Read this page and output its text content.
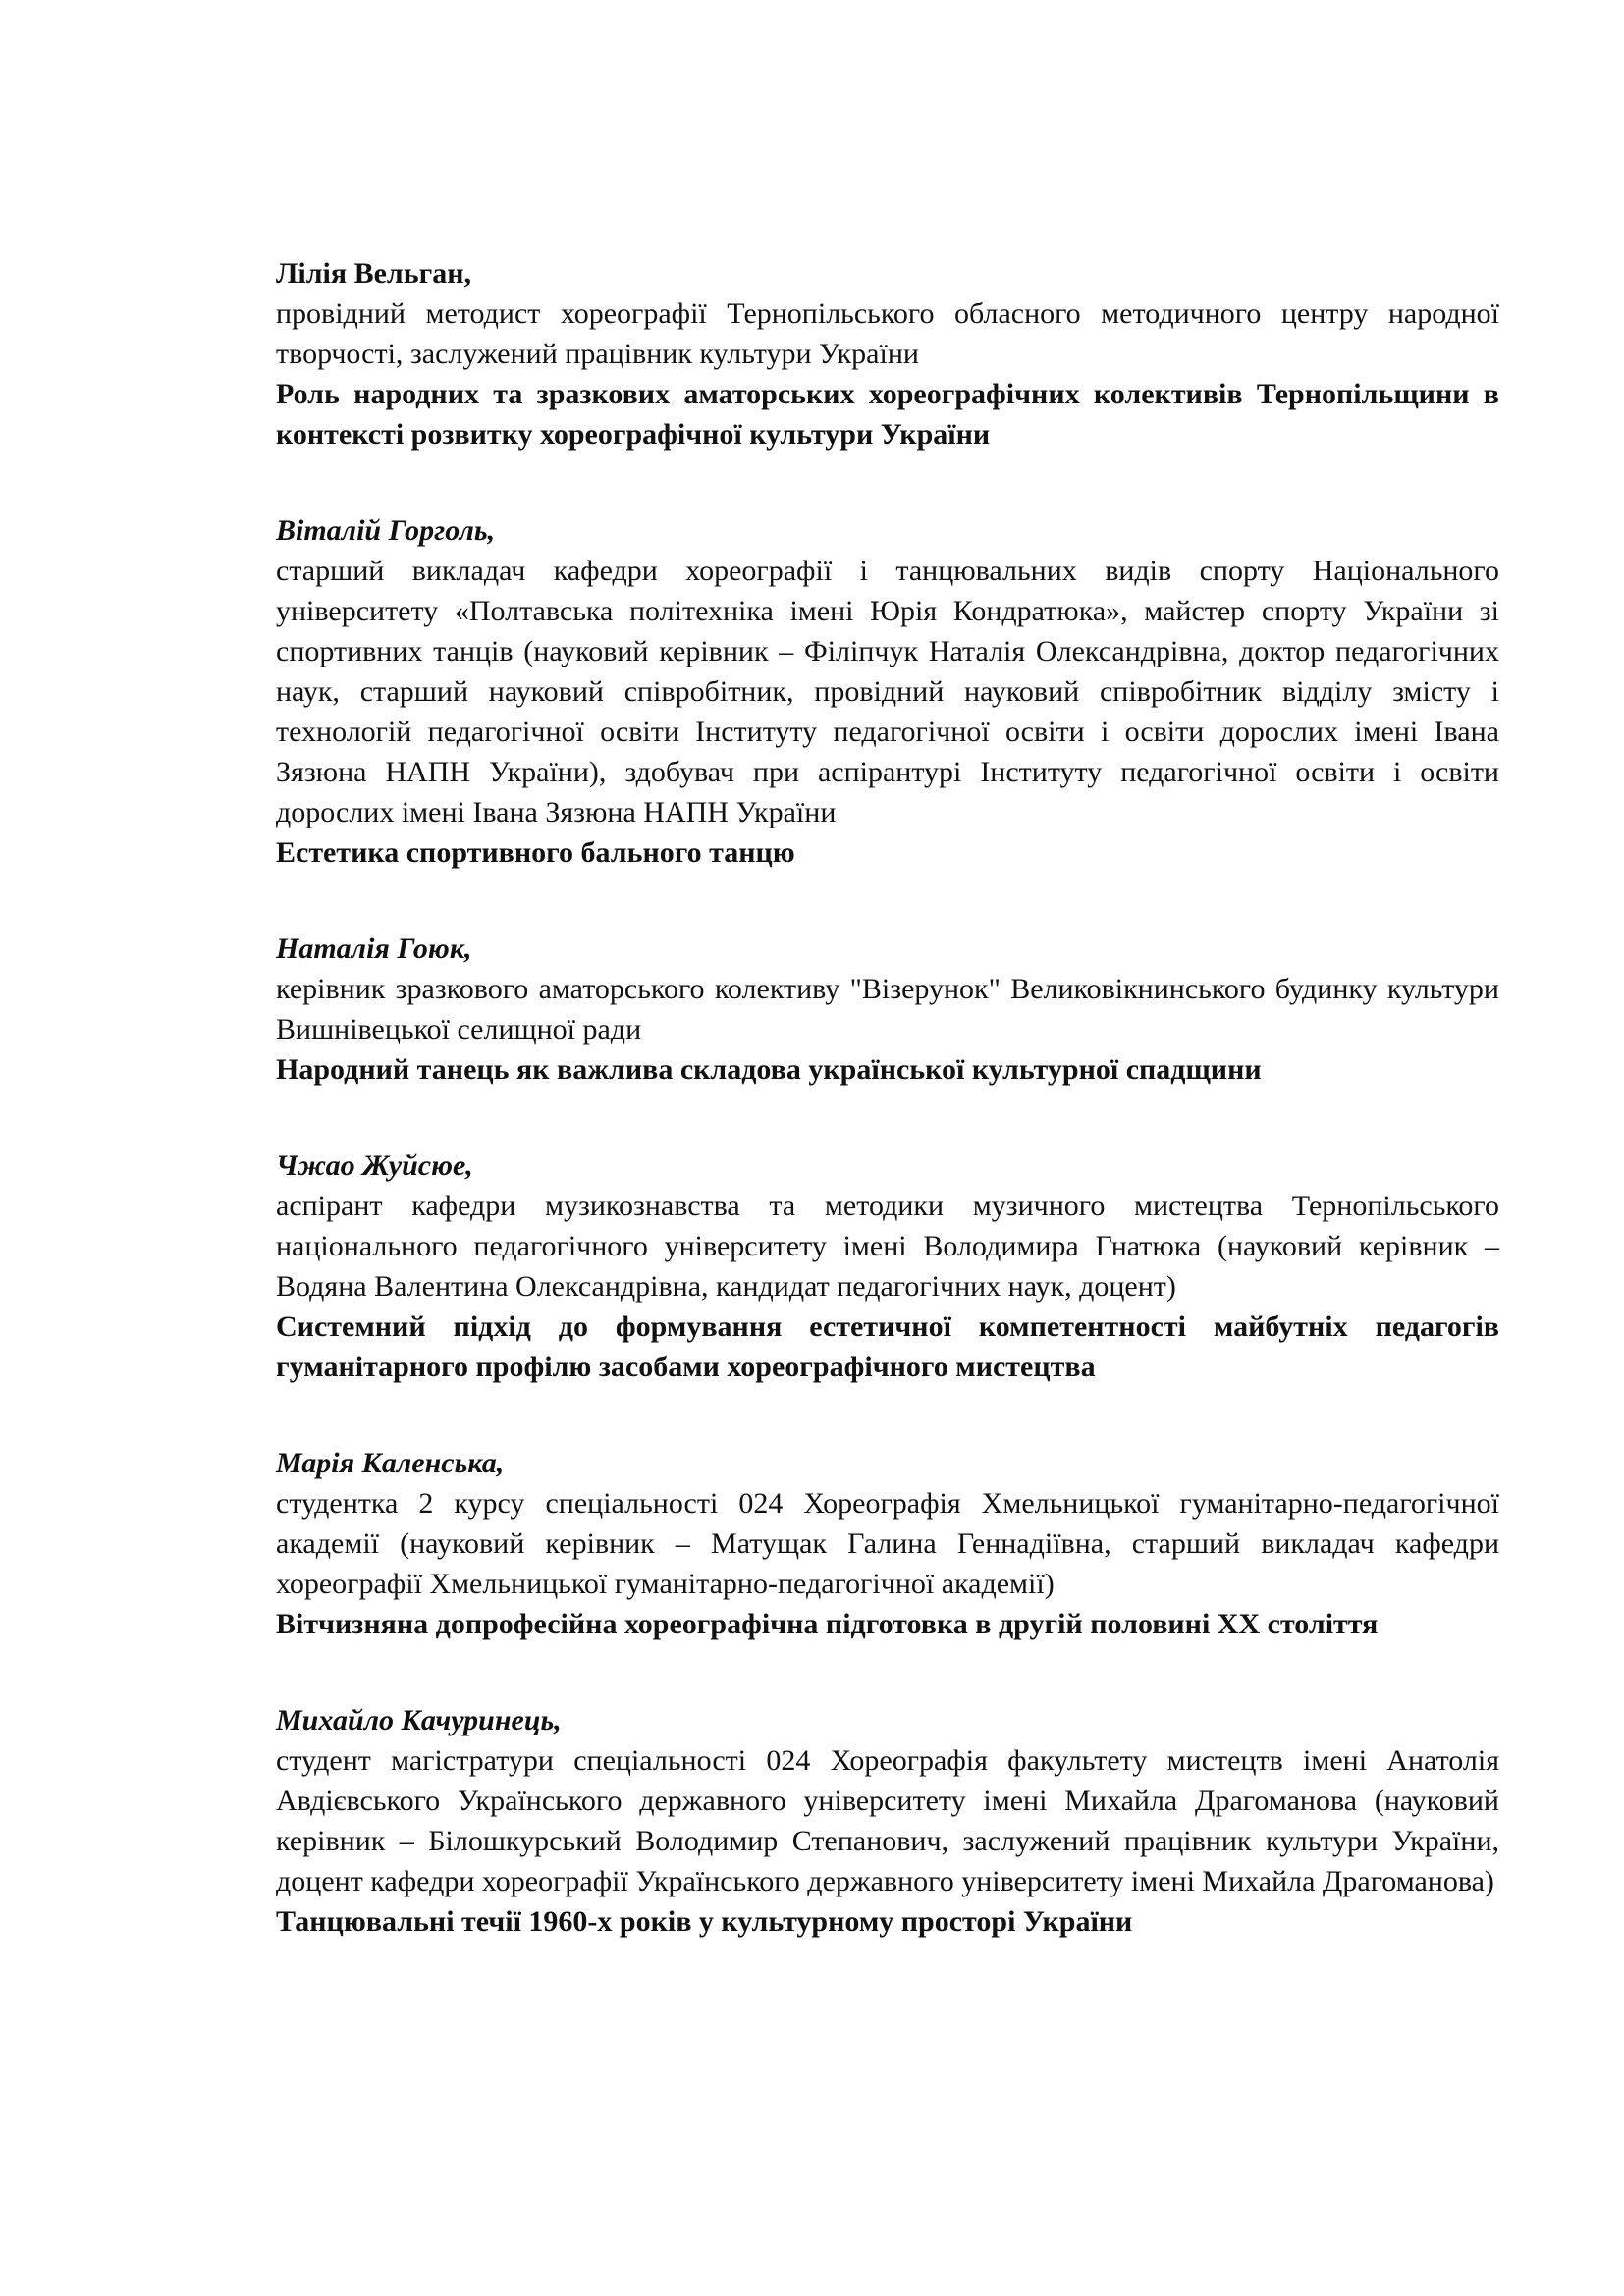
Лілія Вельган,

провідний методист хореографії Тернопільського обласного методичного центру народної творчості, заслужений працівник культури України

Роль народних та зразкових аматорських хореографічних колективів Тернопільщини в контексті розвитку хореографічної культури України

Віталій Горголь,

старший викладач кафедри хореографії і танцювальних видів спорту Національного університету «Полтавська політехніка імені Юрія Кондратюка», майстер спорту України зі спортивних танців (науковий керівник – Філіпчук Наталія Олександрівна, доктор педагогічних наук, старший науковий співробітник, провідний науковий співробітник відділу змісту і технологій педагогічної освіти Інституту педагогічної освіти і освіти дорослих імені Івана Зязюна НАПН України), здобувач при аспірантурі Інституту педагогічної освіти і освіти дорослих імені Івана Зязюна НАПН України

Естетика спортивного бального танцю

Наталія Гоюк,

керівник зразкового аматорського колективу "Візерунок" Великовікнинського будинку культури Вишнівецької селищної ради

Народний танець як важлива складова української культурної спадщини

Чжао Жуйсюе,

аспірант кафедри музикознавства та методики музичного мистецтва Тернопільського національного педагогічного університету імені Володимира Гнатюка (науковий керівник – Водяна Валентина Олександрівна, кандидат педагогічних наук, доцент)

Системний підхід до формування естетичної компетентності майбутніх педагогів гуманітарного профілю засобами хореографічного мистецтва

Марія Каленська,

студентка 2 курсу спеціальності 024 Хореографія Хмельницької гуманітарно-педагогічної академії (науковий керівник – Матущак Галина Геннадіївна, старший викладач кафедри хореографії Хмельницької гуманітарно-педагогічної академії)

Вітчизняна допрофесійна хореографічна підготовка в другій половині ХХ століття

Михайло Качуринець,

студент магістратури спеціальності 024 Хореографія факультету мистецтв імені Анатолія Авдієвського Українського державного університету імені Михайла Драгоманова (науковий керівник – Білошкурський Володимир Степанович, заслужений працівник культури України, доцент кафедри хореографії Українського державного університету імені Михайла Драгоманова)

Танцювальні течії 1960-х років у культурному просторі України
